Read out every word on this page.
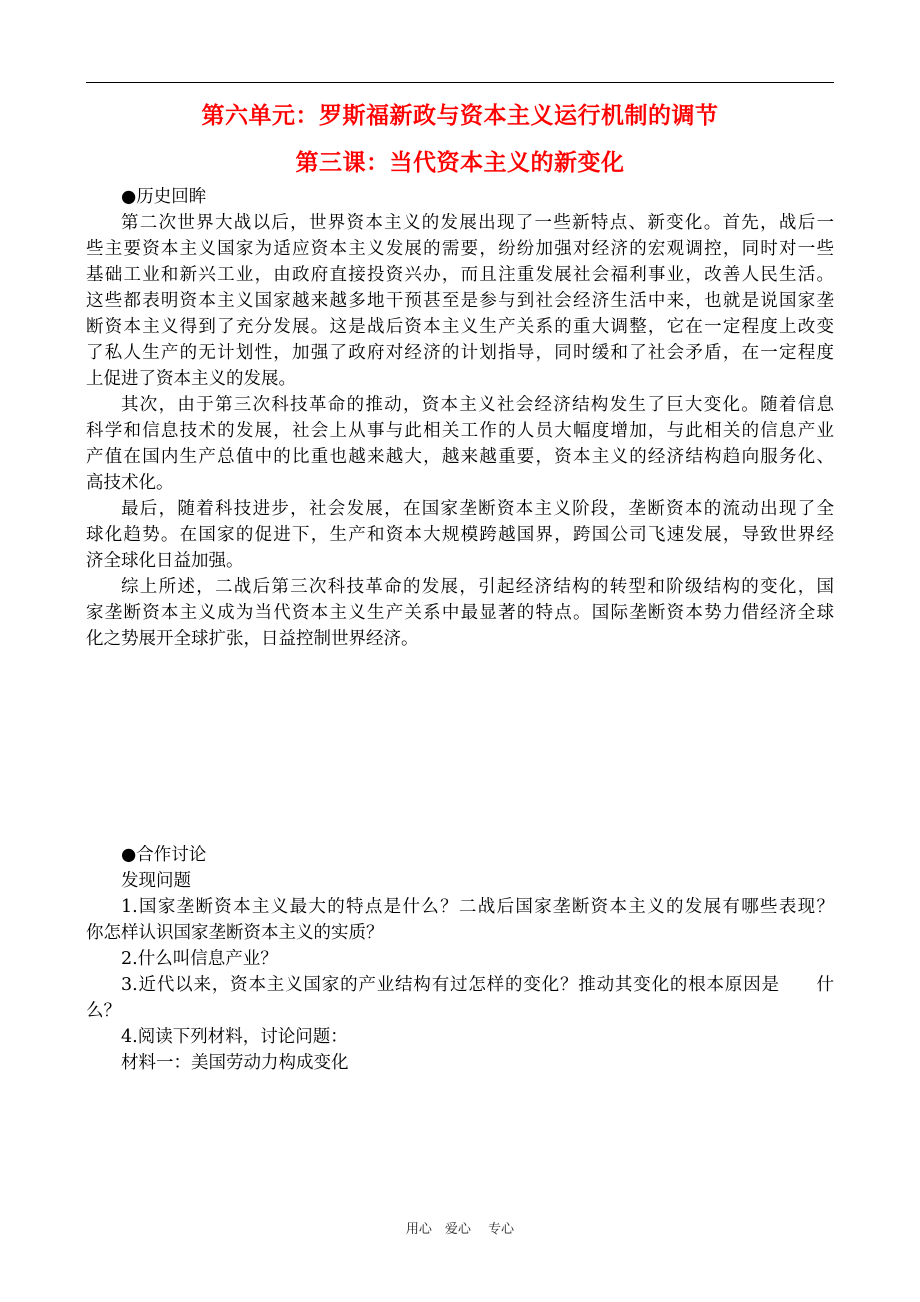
第六单元：罗斯福新政与资本主义运行机制的调节
第三课：当代资本主义的新变化
●历史回眸
第二次世界大战以后，世界资本主义的发展出现了一些新特点、新变化。首先，战后一
些主要资本主义国家为适应资本主义发展的需要，纷纷加强对经济的宏观调控，同时对一些
基础工业和新兴工业，由政府直接投资兴办，而且注重发展社会福利事业，改善人民生活。
这些都表明资本主义国家越来越多地干预甚至是参与到社会经济生活中来，也就是说国家垄
断资本主义得到了充分发展。这是战后资本主义生产关系的重大调整，它在一定程度上改变
了私人生产的无计划性，加强了政府对经济的计划指导，同时缓和了社会矛盾，在一定程度
上促进了资本主义的发展。
其次，由于第三次科技革命的推动，资本主义社会经济结构发生了巨大变化。随着信息
科学和信息技术的发展，社会上从事与此相关工作的人员大幅度增加，与此相关的信息产业
产值在国内生产总值中的比重也越来越大，越来越重要，资本主义的经济结构趋向服务化、
高技术化。
最后，随着科技进步，社会发展，在国家垄断资本主义阶段，垄断资本的流动出现了全
球化趋势。在国家的促进下，生产和资本大规模跨越国界，跨国公司飞速发展，导致世界经
济全球化日益加强。
综上所述，二战后第三次科技革命的发展，引起经济结构的转型和阶级结构的变化，国
家垄断资本主义成为当代资本主义生产关系中最显著的特点。国际垄断资本势力借经济全球
化之势展开全球扩张，日益控制世界经济。
●合作讨论
发现问题
1.国家垄断资本主义最大的特点是什么？二战后国家垄断资本主义的发展有哪些表现？
你怎样认识国家垄断资本主义的实质？
2.什么叫信息产业？
3.近代以来，资本主义国家的产业结构有过怎样的变化？推动其变化的根本原因是　　什
么？
4.阅读下列材料，讨论问题：
材料一：美国劳动力构成变化
用心　爱心　 专心
